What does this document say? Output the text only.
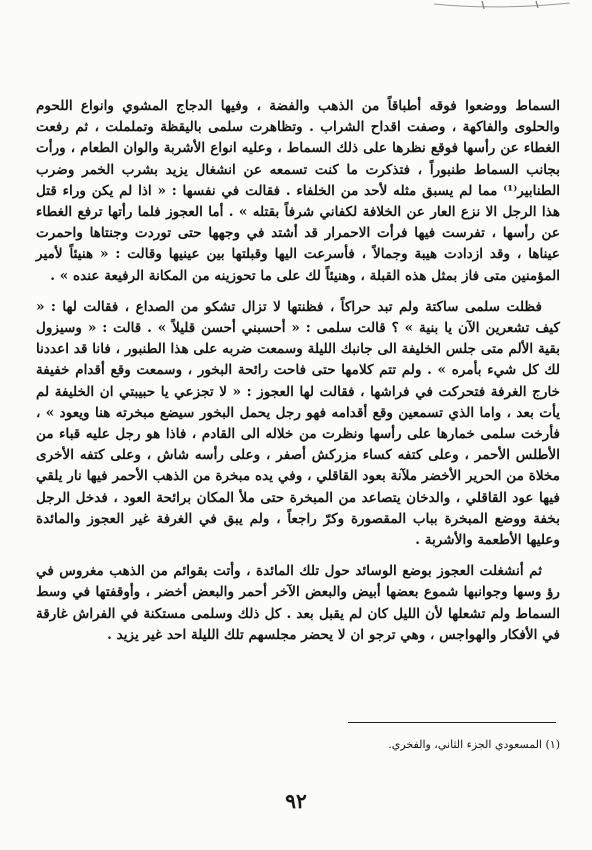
السماط ووضعوا فوقه أطباقاً من الذهب والفضة ، وفيها الدجاج المشوي وانواع اللحوم والحلوى والفاكهة ، وصفت اقداح الشراب . وتظاهرت سلمى باليقظة وتململت ، ثم رفعت الغطاء عن رأسها فوقع نظرها على ذلك السماط ، وعليه انواع الأشربة والوان الطعام ، ورأت بجانب السماط طنبوراً ، فتذكرت ما كنت تسمعه عن انشغال يزيد بشرب الخمر وضرب الطنابير⁽¹⁾ مما لم يسبق مثله لأحد من الخلفاء . فقالت في نفسها : « اذا لم يكن وراء قتل هذا الرجل الا نزع العار عن الخلافة لكفاني شرفاً بقتله » . أما العجوز فلما رأتها ترفع الغطاء عن رأسها ، تفرست فيها فرأت الاحمرار قد أشتد في وجهها حتى توردت وجنتاها واحمرت عيناها ، وقد ازدادت هيبة وجمالاً ، فأسرعت اليها وقبلتها بين عينيها وقالت : « هنيئاً لأمير المؤمنين متى فاز بمثل هذه القبلة ، وهنيئاً لك على ما تحوزينه من المكانة الرفيعة عنده » .

فظلت سلمى ساكتة ولم تبد حراكاً ، فظنتها لا تزال تشكو من الصداع ، فقالت لها : « كيف تشعرين الآن يا بنية » ؟ قالت سلمى : « أحسبني أحسن قليلاً » . قالت : « وسيزول بقية الألم متى جلس الخليفة الى جانبك الليلة وسمعت ضربه على هذا الطنبور ، فانا قد اعددنا لك كل شيء بأمره » . ولم تتم كلامها حتى فاحت رائحة البخور ، وسمعت وقع أقدام خفيفة خارج الغرفة فتحركت في فراشها ، فقالت لها العجوز : « لا تجزعي يا حبيبتي ان الخليفة لم يأت بعد ، واما الذي تسمعين وقع أقدامه فهو رجل يحمل البخور سيضع مبخرته هنا ويعود » ، فأرخت سلمى خمارها على رأسها ونظرت من خلاله الى القادم ، فاذا هو رجل عليه قباء من الأطلس الأحمر ، وعلى كتفه كساء مزركش أصفر ، وعلى رأسه شاش ، وعلى كتفه الأخرى مخلاة من الحرير الأخضر ملآنة بعود القاقلي ، وفي يده مبخرة من الذهب الأحمر فيها نار يلقي فيها عود القاقلي ، والدخان يتصاعد من المبخرة حتى ملأ المكان برائحة العود ، فدخل الرجل بخفة ووضع المبخرة بباب المقصورة وكرّ راجعاً ، ولم يبق في الغرفة غير العجوز والمائدة وعليها الأطعمة والأشربة .

ثم أنشغلت العجوز بوضع الوسائد حول تلك المائدة ، وأتت بقوائم من الذهب مغروس في رؤ وسها وجوانبها شموع بعضها أبيض والبعض الآخر أحمر والبعض أخضر ، وأوقفتها في وسط السماط ولم تشعلها لأن الليل كان لم يقبل بعد . كل ذلك وسلمى مستكنة في الفراش غارقة في الأفكار والهواجس ، وهي ترجو ان لا يحضر مجلسهم تلك الليلة احد غير يزيد .

(١) المسعودي الجزء الثاني، والفخري.
٩٢
